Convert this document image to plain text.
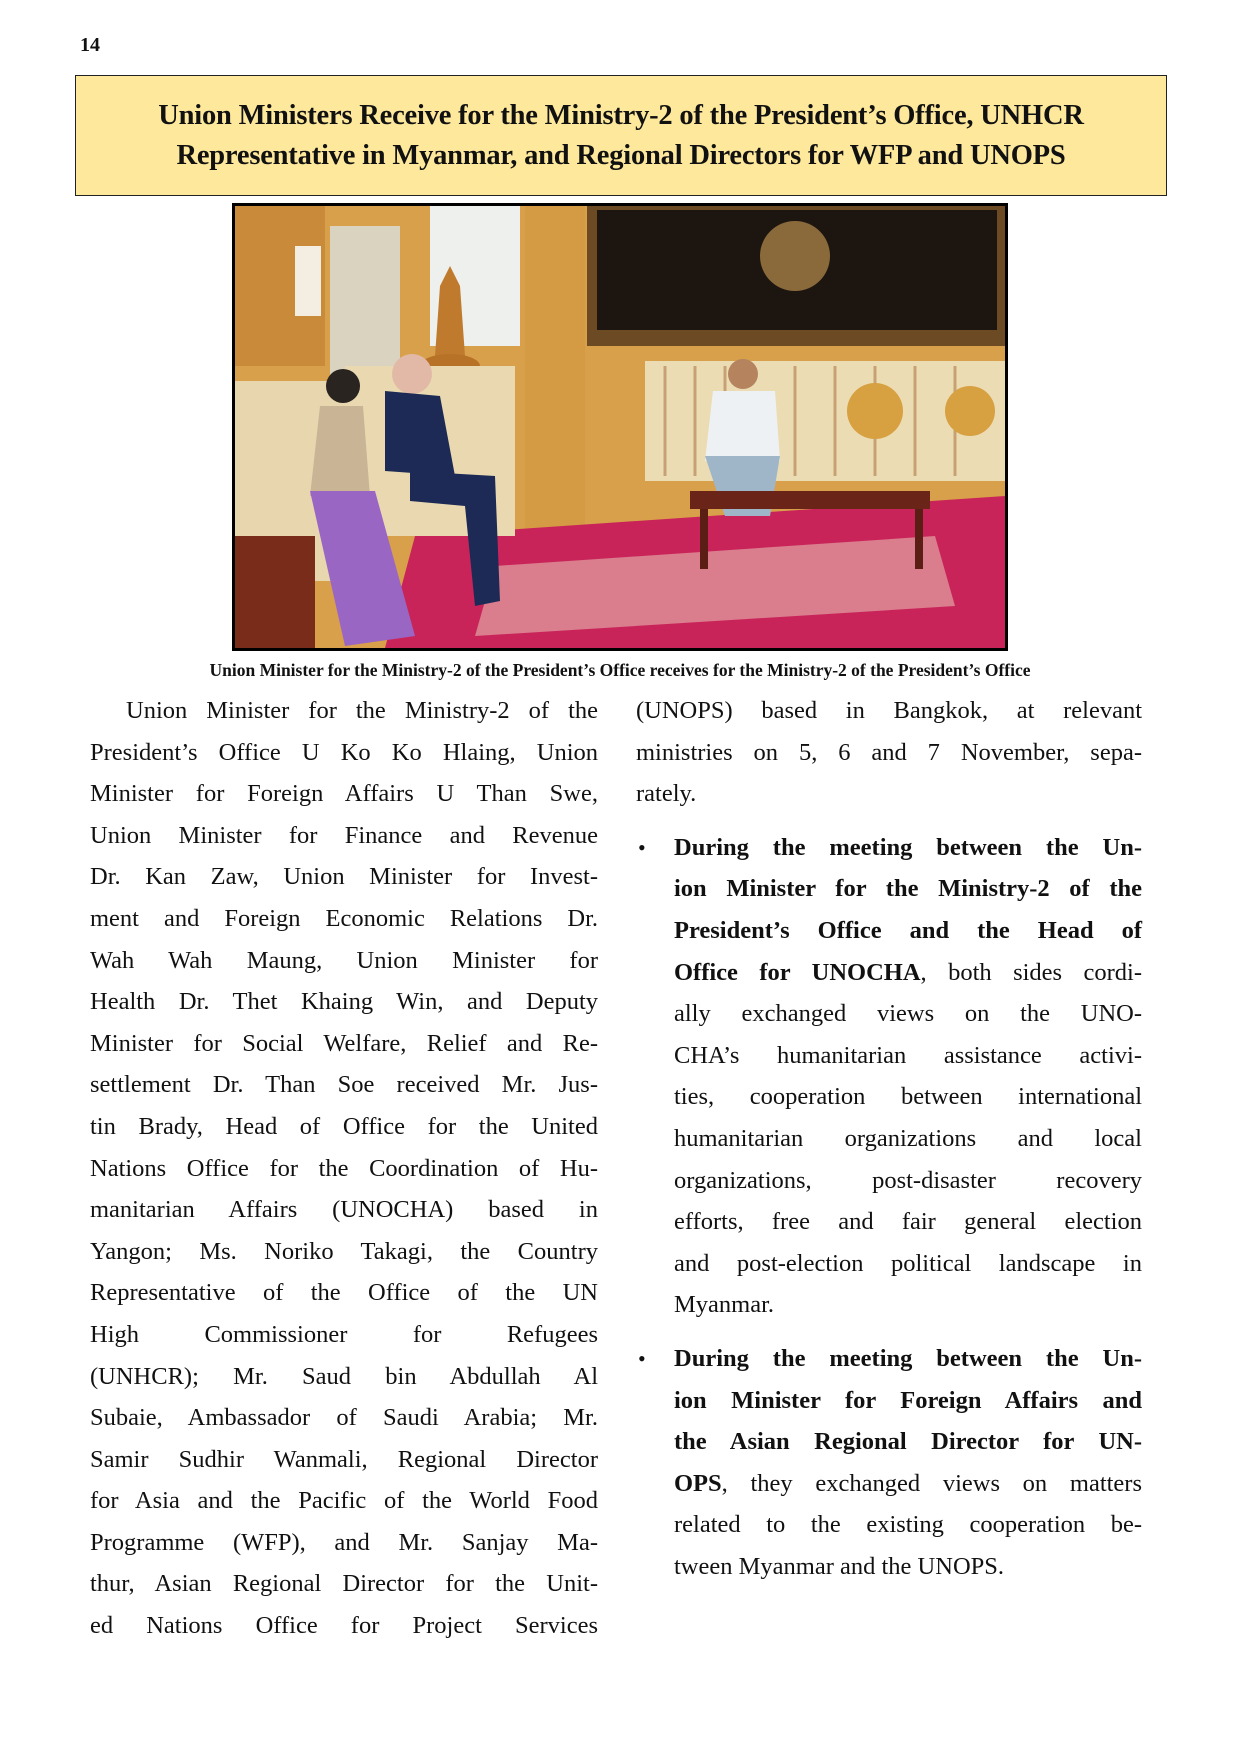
14
Union Ministers Receive for the Ministry-2 of the President’s Office, UNHCR
Representative in Myanmar, and Regional Directors for WFP and UNOPS
Union Minister for the Ministry-2 of the President’s Office receives for the Ministry-2 of the President’s Office
Union Minister for the Ministry-2 of the
President’s Office U Ko Ko Hlaing, Union
Minister for Foreign Affairs U Than Swe,
Union Minister for Finance and Revenue
Dr. Kan Zaw, Union Minister for Invest-
ment and Foreign Economic Relations Dr.
Wah Wah Maung, Union Minister for
Health Dr. Thet Khaing Win, and Deputy
Minister for Social Welfare, Relief and Re-
settlement Dr. Than Soe received Mr. Jus-
tin Brady, Head of Office for the United
Nations Office for the Coordination of Hu-
manitarian Affairs (UNOCHA) based in
Yangon; Ms. Noriko Takagi, the Country
Representative of the Office of the UN
High Commissioner for Refugees
(UNHCR); Mr. Saud bin Abdullah Al
Subaie, Ambassador of Saudi Arabia; Mr.
Samir Sudhir Wanmali, Regional Director
for Asia and the Pacific of the World Food
Programme (WFP), and Mr. Sanjay Ma-
thur, Asian Regional Director for the Unit-
ed Nations Office for Project Services
(UNOPS) based in Bangkok, at relevant
ministries on 5, 6 and 7 November, sepa-
rately.
• During the meeting between the Un-
ion Minister for the Ministry-2 of the
President’s Office and the Head of
Office for UNOCHA, both sides cordi-
ally exchanged views on the UNO-
CHA’s humanitarian assistance activi-
ties, cooperation between international
humanitarian organizations and local
organizations, post-disaster recovery
efforts, free and fair general election
and post-election political landscape in
Myanmar.
• During the meeting between the Un-
ion Minister for Foreign Affairs and
the Asian Regional Director for UN-
OPS, they exchanged views on matters
related to the existing cooperation be-
tween Myanmar and the UNOPS.
